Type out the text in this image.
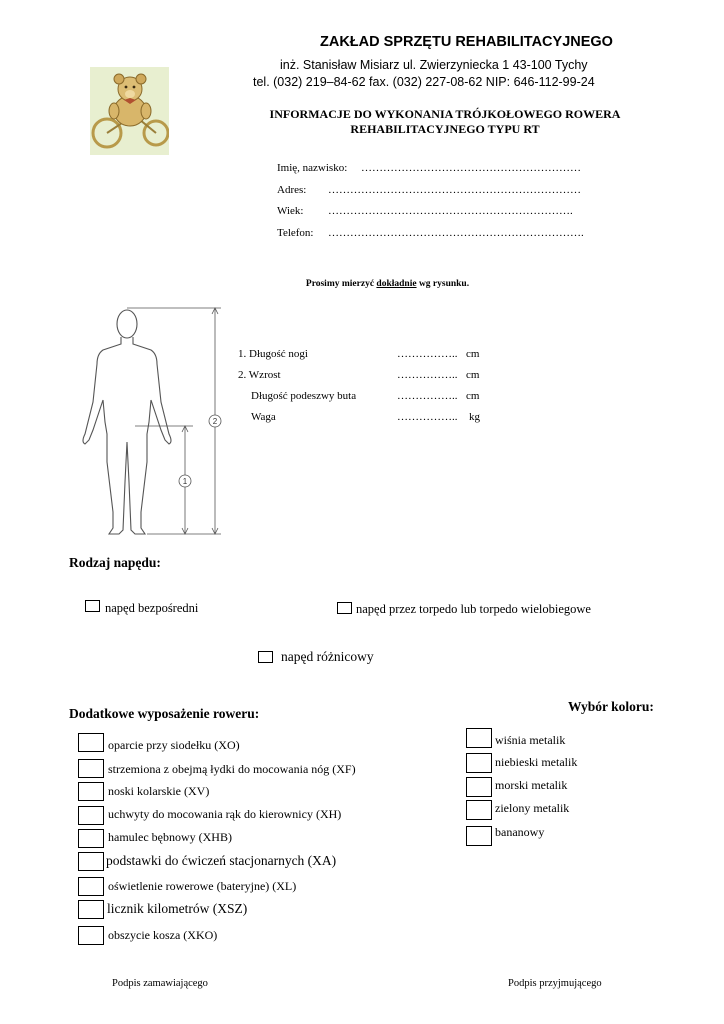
ZAKŁAD SPRZĘTU REHABILITACYJNEGO
inż. Stanisław Misiarz ul. Zwierzyniecka 1 43-100 Tychy
tel. (032) 219–84-62 fax. (032) 227-08-62 NIP: 646-112-99-24
INFORMACJE DO WYKONANIA TRÓJKOŁOWEGO ROWERA
REHABILITACYJNEGO TYPU RT
Imię, nazwisko: ……………………………………………………
Adres: ……………………………………………………………
Wiek: ………………………………………………………….
Telefon: …………………………………………………………….
Prosimy mierzyć dokładnie wg rysunku.
1
2
1. Długość nogi	…………….. cm
2. Wzrost	…………….. cm
Długość podeszwy buta	…………….. cm
Waga	…………….. kg
Rodzaj napędu:
napęd bezpośredni	napęd przez torpedo lub torpedo wielobiegowe
napęd różnicowy
Dodatkowe wyposażenie roweru:
oparcie przy siodełku (XO)
strzemiona z obejmą łydki do mocowania nóg (XF)
noski kolarskie (XV)
uchwyty do mocowania rąk do kierownicy (XH)
hamulec bębnowy (XHB)
podstawki do ćwiczeń stacjonarnych (XA)
oświetlenie rowerowe (bateryjne) (XL)
licznik kilometrów (XSZ)
obszycie kosza (XKO)
Wybór koloru:
wiśnia metalik
niebieski metalik
morski metalik
zielony metalik
bananowy
Podpis zamawiającego	Podpis przyjmującego
